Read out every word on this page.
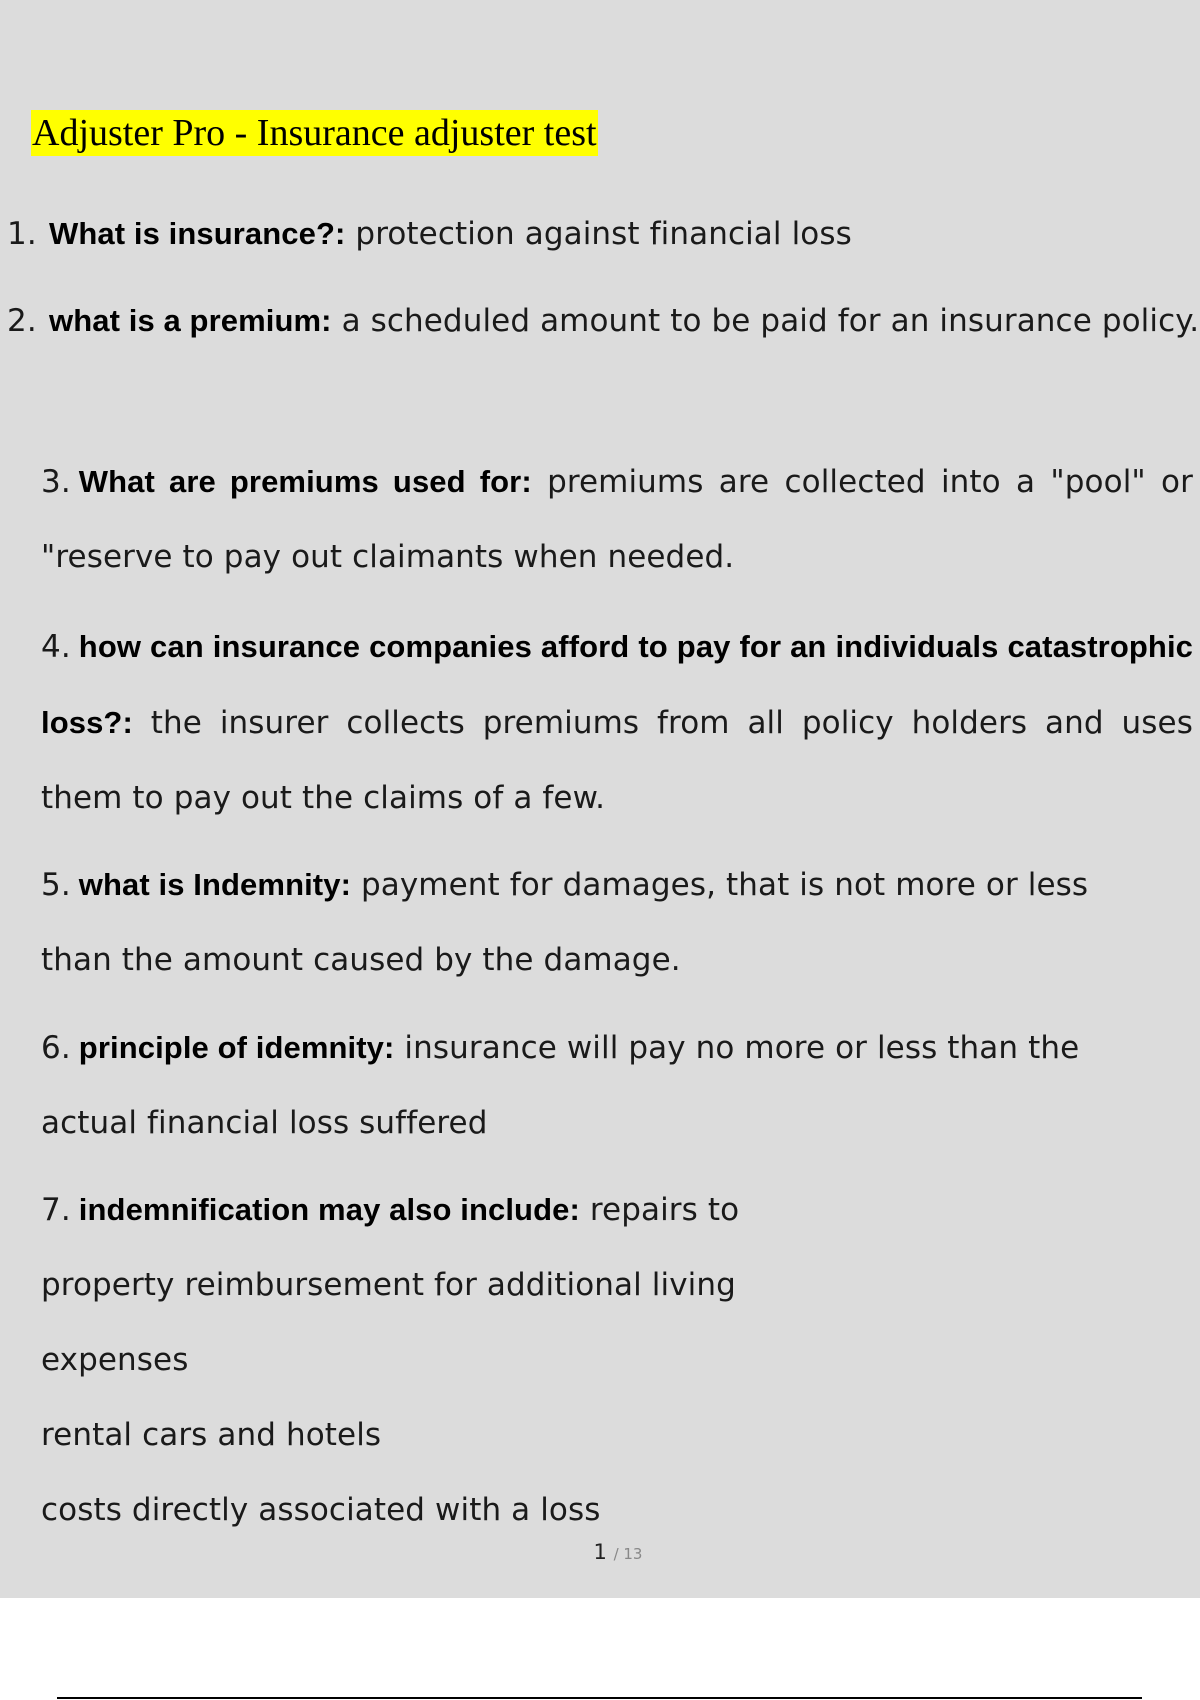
Adjuster Pro - Insurance adjuster test
1. What is insurance?: protection against financial loss
2. what is a premium: a scheduled amount to be paid for an insurance policy.
3. What are premiums used for: premiums are collected into a "pool" or "reserve to pay out claimants when needed.
4. how can insurance companies afford to pay for an individuals catastrophic loss?: the insurer collects premiums from all policy holders and uses them to pay out the claims of a few.
5. what is Indemnity: payment for damages, that is not more or less than the amount caused by the damage.
6. principle of idemnity: insurance will pay no more or less than the actual financial loss suffered
7. indemnification may also include: repairs to
property reimbursement for additional living
expenses
rental cars and hotels
costs directly associated with a loss
1 / 13
